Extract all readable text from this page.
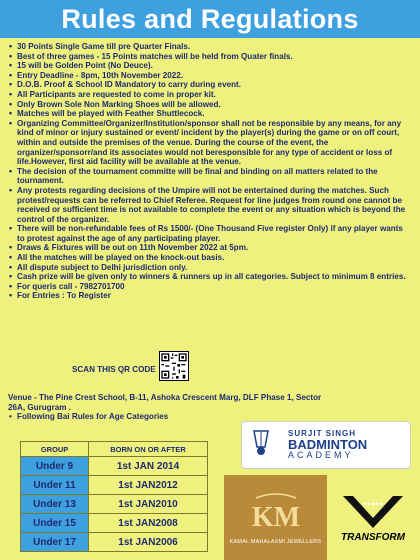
Rules and Regulations
• 30 Points Single Game till pre Quarter Finals.
• Best of three games - 15 Points matches will be held from Quater finals.
• 15 will be Golden Point (No Deuce).
• Entry Deadline - 8pm, 10th November 2022.
• D.O.B. Proof & School ID Mandatory to carry during event.
• All Participants are requested to come in proper kit.
• Only Brown Sole Non Marking Shoes will be allowed.
• Matches will be played with Feather Shuttlecock.
• Organizing Committee/Organizer/Institution/sponsor shall not be responsible by any means, for any kind of minor or injury sustained or event/ incident by the player(s) during the game or on off court, within and outside the premises of the venue. During the course of the event, the organizer/sponsorr/and its associates would not beresponsible for any type of accident or loss of life.However, first aid facility will be available at the venue.
• The decision of the tournament committe will be final and binding on all matters related to the tournament.
• Any protests regarding decisions of the Umpire will not be entertained during the matches. Such protest/requests can be referred to Chief Referee. Request for line judges from round one cannot be received or sufficient time is not available to complete the event or any situation which is beyond the control of the organizer.
• There will be non-refundable fees of Rs 1500/- (One Thousand Five register Only) if any player wants to protest against the age of any participating player.
• Draws & Fixtures will be out on 11th November 2022 at 5pm.
• All the matches will be played on the knock-out basis.
• All dispute subject to Delhi jurisdiction only.
• Cash prize will be given only to winners & runners up in all categories. Subject to minimum 8 entries.
• For queris call - 7982701700
• For Entries : To Register
SCAN THIS QR CODE
Venue - The Pine Crest School, B-11, Ashoka Crescent Marg, DLF Phase 1, Sector 26A, Gurugram .
• Following Bai Rules for Age Categories
GROUP	BORN ON OR AFTER
Under 9	1st JAN 2014
Under 11	1st JAN2012
Under 13	1st JAN2010
Under 15	1st JAN2008
Under 17	1st JAN2006
SURJIT SINGH
BADMINTON
ACADEMY
KM
KAMAL MAHALAXMI JEWELLERS TRANSFORM
